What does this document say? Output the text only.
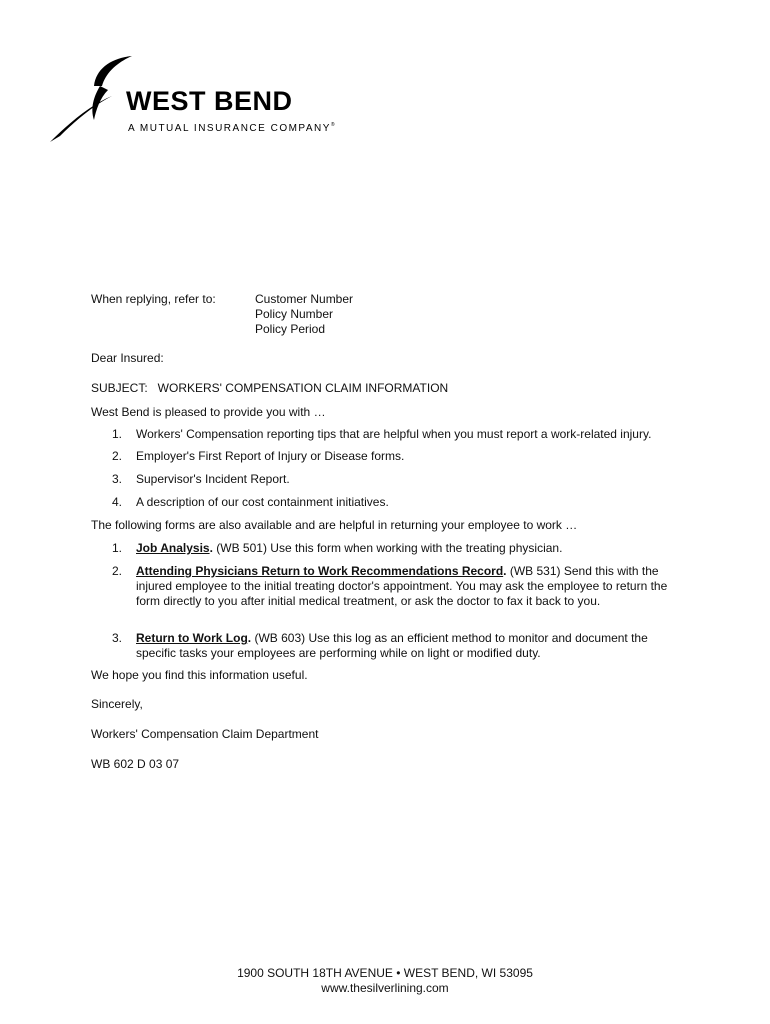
WEST BEND
A MUTUAL INSURANCE COMPANY®
When replying, refer to:	Customer Number
Policy Number
Policy Period
Dear Insured:
SUBJECT:   WORKERS' COMPENSATION CLAIM INFORMATION
West Bend is pleased to provide you with …
1. Workers' Compensation reporting tips that are helpful when you must report a work-related injury.
2. Employer's First Report of Injury or Disease forms.
3. Supervisor's Incident Report.
4. A description of our cost containment initiatives.
The following forms are also available and are helpful in returning your employee to work …
1. Job Analysis. (WB 501) Use this form when working with the treating physician.
2. Attending Physicians Return to Work Recommendations Record. (WB 531) Send this with the injured employee to the initial treating doctor's appointment. You may ask the employee to return the form directly to you after initial medical treatment, or ask the doctor to fax it back to you.
3. Return to Work Log. (WB 603) Use this log as an efficient method to monitor and document the specific tasks your employees are performing while on light or modified duty.
We hope you find this information useful.
Sincerely,
Workers' Compensation Claim Department
WB 602 D 03 07
1900 SOUTH 18TH AVENUE • WEST BEND, WI 53095
www.thesilverlining.com
